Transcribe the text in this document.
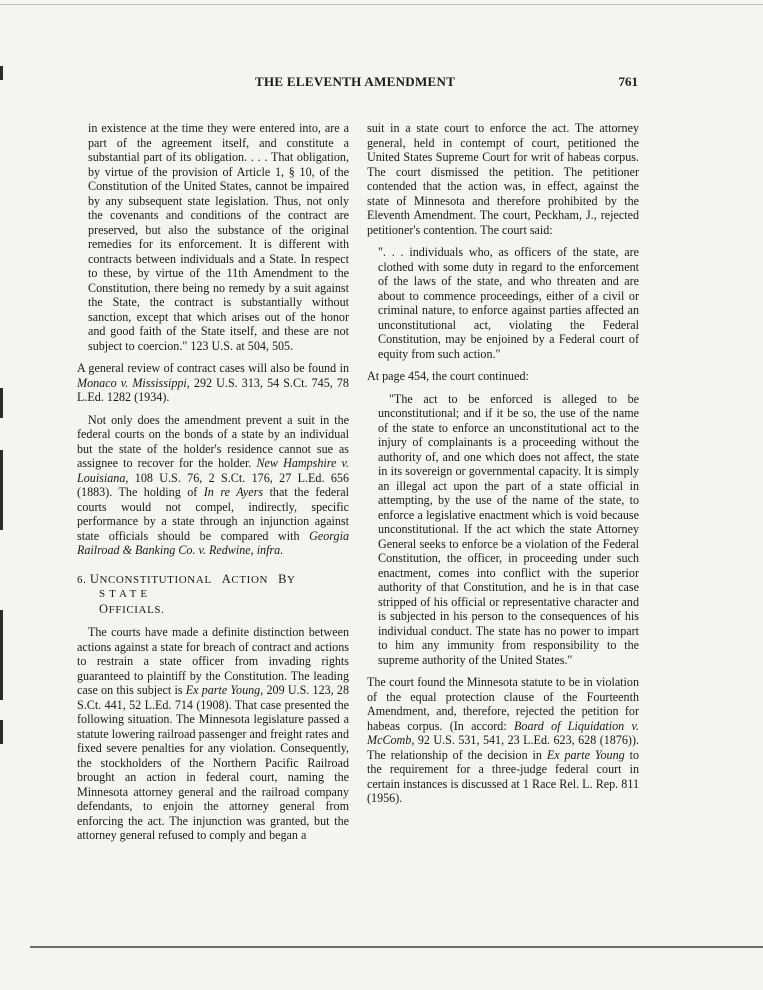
THE ELEVENTH AMENDMENT	761

in existence at the time they were entered into, are a part of the agreement itself, and constitute a substantial part of its obligation. . . . That obligation, by virtue of the provision of Article 1, § 10, of the Constitution of the United States, cannot be impaired by any subsequent state legislation. Thus, not only the covenants and conditions of the contract are preserved, but also the substance of the original remedies for its enforcement. It is different with contracts between individuals and a State. In respect to these, by virtue of the 11th Amendment to the Constitution, there being no remedy by a suit against the State, the contract is substantially without sanction, except that which arises out of the honor and good faith of the State itself, and these are not subject to coercion." 123 U.S. at 504, 505.

A general review of contract cases will also be found in Monaco v. Mississippi, 292 U.S. 313, 54 S.Ct. 745, 78 L.Ed. 1282 (1934).

Not only does the amendment prevent a suit in the federal courts on the bonds of a state by an individual but the state of the holder's residence cannot sue as assignee to recover for the holder. New Hampshire v. Louisiana, 108 U.S. 76, 2 S.Ct. 176, 27 L.Ed. 656 (1883). The holding of In re Ayers that the federal courts would not compel, indirectly, specific performance by a state through an injunction against state officials should be compared with Georgia Railroad & Banking Co. v. Redwine, infra.

6. UNCONSTITUTIONAL ACTION BY   STATE
OFFICIALS.

The courts have made a definite distinction between actions against a state for breach of contract and actions to restrain a state officer from invading rights guaranteed to plaintiff by the Constitution. The leading case on this subject is Ex parte Young, 209 U.S. 123, 28 S.Ct. 441, 52 L.Ed. 714 (1908). That case presented the following situation. The Minnesota legislature passed a statute lowering railroad passenger and freight rates and fixed severe penalties for any violation. Consequently, the stockholders of the Northern Pacific Railroad brought an action in federal court, naming the Minnesota attorney general and the railroad company defendants, to enjoin the attorney general from enforcing the act. The injunction was granted, but the attorney general refused to comply and began a

suit in a state court to enforce the act. The attorney general, held in contempt of court, petitioned the United States Supreme Court for writ of habeas corpus. The court dismissed the petition. The petitioner contended that the action was, in effect, against the state of Minnesota and therefore prohibited by the Eleventh Amendment. The court, Peckham, J., rejected petitioner's contention. The court said:

". . . individuals who, as officers of the state, are clothed with some duty in regard to the enforcement of the laws of the state, and who threaten and are about to commence proceedings, either of a civil or criminal nature, to enforce against parties affected an unconstitutional act, violating the Federal Constitution, may be enjoined by a Federal court of equity from such action."

At page 454, the court continued:

"The act to be enforced is alleged to be unconstitutional; and if it be so, the use of the name of the state to enforce an unconstitutional act to the injury of complainants is a proceeding without the authority of, and one which does not affect, the state in its sovereign or governmental capacity. It is simply an illegal act upon the part of a state official in attempting, by the use of the name of the state, to enforce a legislative enactment which is void because unconstitutional. If the act which the state Attorney General seeks to enforce be a violation of the Federal Constitution, the officer, in proceeding under such enactment, comes into conflict with the superior authority of that Constitution, and he is in that case stripped of his official or representative character and is subjected in his person to the consequences of his individual conduct. The state has no power to impart to him any immunity from responsibility to the supreme authority of the United States."

The court found the Minnesota statute to be in violation of the equal protection clause of the Fourteenth Amendment, and, therefore, rejected the petition for habeas corpus. (In accord: Board of Liquidation v. McComb, 92 U.S. 531, 541, 23 L.Ed. 623, 628 (1876)). The relationship of the decision in Ex parte Young to the requirement for a three-judge federal court in certain instances is discussed at 1 Race Rel. L. Rep. 811 (1956).
